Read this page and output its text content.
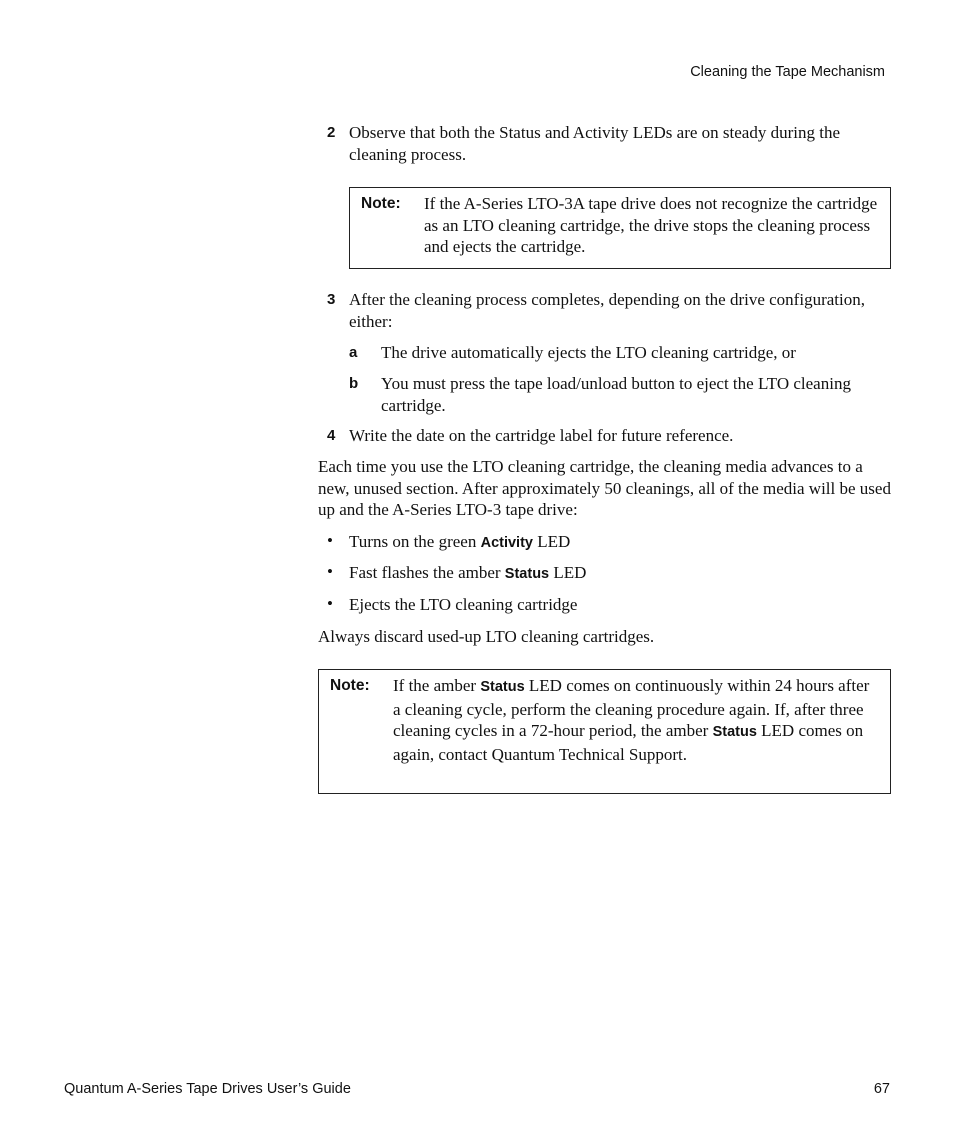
Cleaning the Tape Mechanism
2 Observe that both the Status and Activity LEDs are on steady during the cleaning process.
Note: If the A-Series LTO-3A tape drive does not recognize the cartridge as an LTO cleaning cartridge, the drive stops the cleaning process and ejects the cartridge.
3 After the cleaning process completes, depending on the drive configuration, either:
a The drive automatically ejects the LTO cleaning cartridge, or
b You must press the tape load/unload button to eject the LTO cleaning cartridge.
4 Write the date on the cartridge label for future reference.
Each time you use the LTO cleaning cartridge, the cleaning media advances to a new, unused section. After approximately 50 cleanings, all of the media will be used up and the A-Series LTO-3 tape drive:
• Turns on the green Activity LED
• Fast flashes the amber Status LED
• Ejects the LTO cleaning cartridge
Always discard used-up LTO cleaning cartridges.
Note: If the amber Status LED comes on continuously within 24 hours after a cleaning cycle, perform the cleaning procedure again. If, after three cleaning cycles in a 72-hour period, the amber Status LED comes on again, contact Quantum Technical Support.
Quantum A-Series Tape Drives User’s Guide	67
